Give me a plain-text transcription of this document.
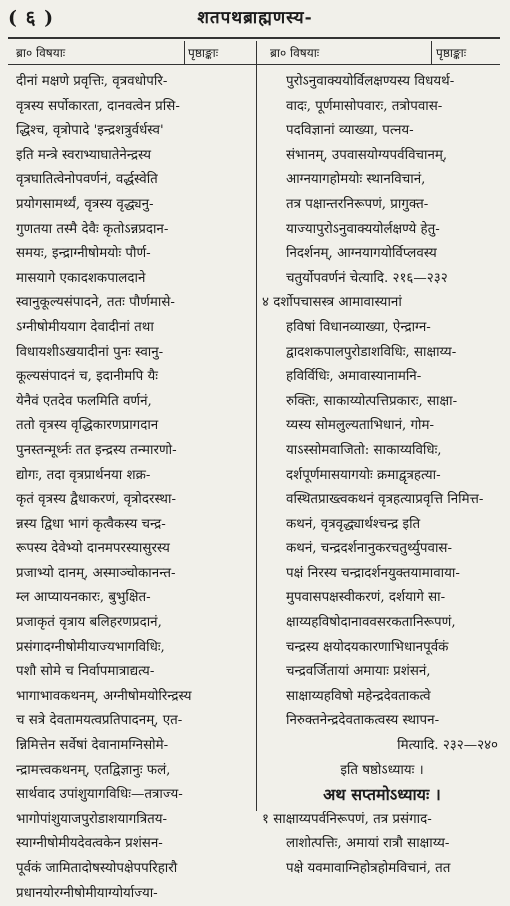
( ६ )	शतपथब्राह्मणस्य-
ब्रा० विषयाः	पृष्ठाङ्काः	ब्रा० विषयाः	पृष्ठाङ्काः
दीनां मक्षणे प्रवृत्तिः, वृत्रवधोपरि-
वृत्रस्य सर्पोकारता, दानवत्वेन प्रसि-
द्धिश्च, वृत्रोपादे 'इन्द्रशत्रुर्वर्धस्व'
इति मन्त्रे स्वराभ्याघातेनेन्द्रस्य
वृत्रघातित्वेनोपवर्णनं, वर्द्धस्वेति
प्रयोगसामर्थ्यं, वृत्रस्य वृद्ध्यनु-
गुणतया तस्मै देवैः कृतोऽन्नप्रदान-
समयः, इन्द्राग्नीषोमयोः पौर्ण-
मासयागे एकादशकपालदाने
स्वानुकूल्यसंपादने, ततः पौर्णमासे-
ऽग्नीषोमीययाग देवादीनां तथा
विधायशीऽखयादीनां पुनः स्वानु-
कूल्यसंपादनं च, इदानीमपि यैः
येनैवं एतदेव फलमिति वर्णनं,
ततो वृत्रस्य वृद्धिकारणप्रागदान
पुनस्तन्मूर्ध्नः तत इन्द्रस्य तन्मारणो-
द्योगः, तदा वृत्रप्रार्थनया शक्र-
कृतं वृत्रस्य द्वैधाकरणं, वृत्रोदरस्था-
न्नस्य द्विधा भागं कृत्वैकस्य चन्द्र-
रूपस्य देवेभ्यो दानमपरस्यासुरस्य
प्रजाभ्यो दानम्, अस्माञ्चोकानन्त-
म्ल आप्यायनकारः, बुभुक्षित-
प्रजाकृतं वृत्राय बलिहरणप्रदानं,
प्रसंगादग्नीषोमीयाज्यभागविधिः,
पशौ सोमे च निर्वापमात्राद्यत्य-
भागाभावकथनम्, अग्नीषोमयोरिन्द्रस्य
च सत्रे देवतामयत्वप्रतिपादनम्, एत-
न्निमित्तेन सर्वेषां देवानामग्निसोमे-
न्द्रामत्त्वकथनम्, एतद्विज्ञानुः फलं,
सार्थवाद उपांशुयागविधिः—तत्राज्य-
भागोपांशुयाजपुरोडाशयागत्रितय-
स्याग्नीषोमीयदेवत्वकेन प्रशंसन-
पूर्वकं जामितादोषस्योपक्षेपपरिहारौ
प्रधानयोरग्नीषोमीयाग्योर्याज्या-
पुरोऽनुवाक्ययोर्विलक्षण्यस्य विधयर्थ-
वादः, पूर्णमासोपवारः, तत्रोपवास-
पदविज्ञानां व्याख्या, पत्नय-
संभानम्, उपवासयोग्यपर्वविचानम्,
आग्नयागहोमयोः स्थानविचानं,
तत्र पक्षान्तरनिरूपणं, प्रागुक्त-
याज्यापुरोऽनुवाक्ययोर्लक्षण्ये हेतु-
निदर्शनम्, आग्नयागयोर्विप्लवस्य
चतुर्योपवर्णनं चेत्यादि. २१६—२३२
४ दर्शोपचासस्त्र आमावास्यानां
हविषां विधानव्याख्या, ऐन्द्राग्न-
द्वादशकपालपुरोडाशविधिः, साक्षाय्य-
हविर्विधिः, अमावास्यानामनि-
रुक्तिः, साकाय्योत्पत्तिप्रकारः, साक्षा-
य्यस्य सोमलुल्यताभिधानं, गोम-
याऽस्सोमवाजितो: साकाय्यविधिः,
दर्शपूर्णमासयागयोः क्रमाद्वृत्रहत्या-
वस्थितप्राख्त्वकथनं वृत्रहत्याप्रवृत्ति निमित्त-
कथनं, वृत्रवृद्ध्यार्थश्चन्द्र इति
कथनं, चन्द्रदर्शनानुकरचतुर्थ्युपवास-
पक्षं निरस्य चन्द्रादर्शनयुक्तयामावाया-
मुपवासपक्षस्वीकरणं, दर्शयागे सा-
क्षाय्यहविषोदानाववसरकतानिरूपणं,
चन्द्रस्य क्षयोदयकारणाभिधानपूर्वकं
चन्द्रवर्जितायां अमायाः प्रशंसनं,
साक्षाय्यहविषो महेन्द्रदेवताकत्वे
निरुक्तनेन्द्रदेवताकत्वस्य स्थापन-
मित्यादि. २३२—२४०
इति षष्ठोऽध्यायः ।
अथ सप्तमोऽध्यायः ।
१ साक्षाय्यपर्वनिरूपणं, तत्र प्रसंगाद-
लाशोत्पत्तिः, अमायां रात्रौ साक्षाय्य-
पक्षे यवमावाग्निहोत्रहोमविचानं, तत
